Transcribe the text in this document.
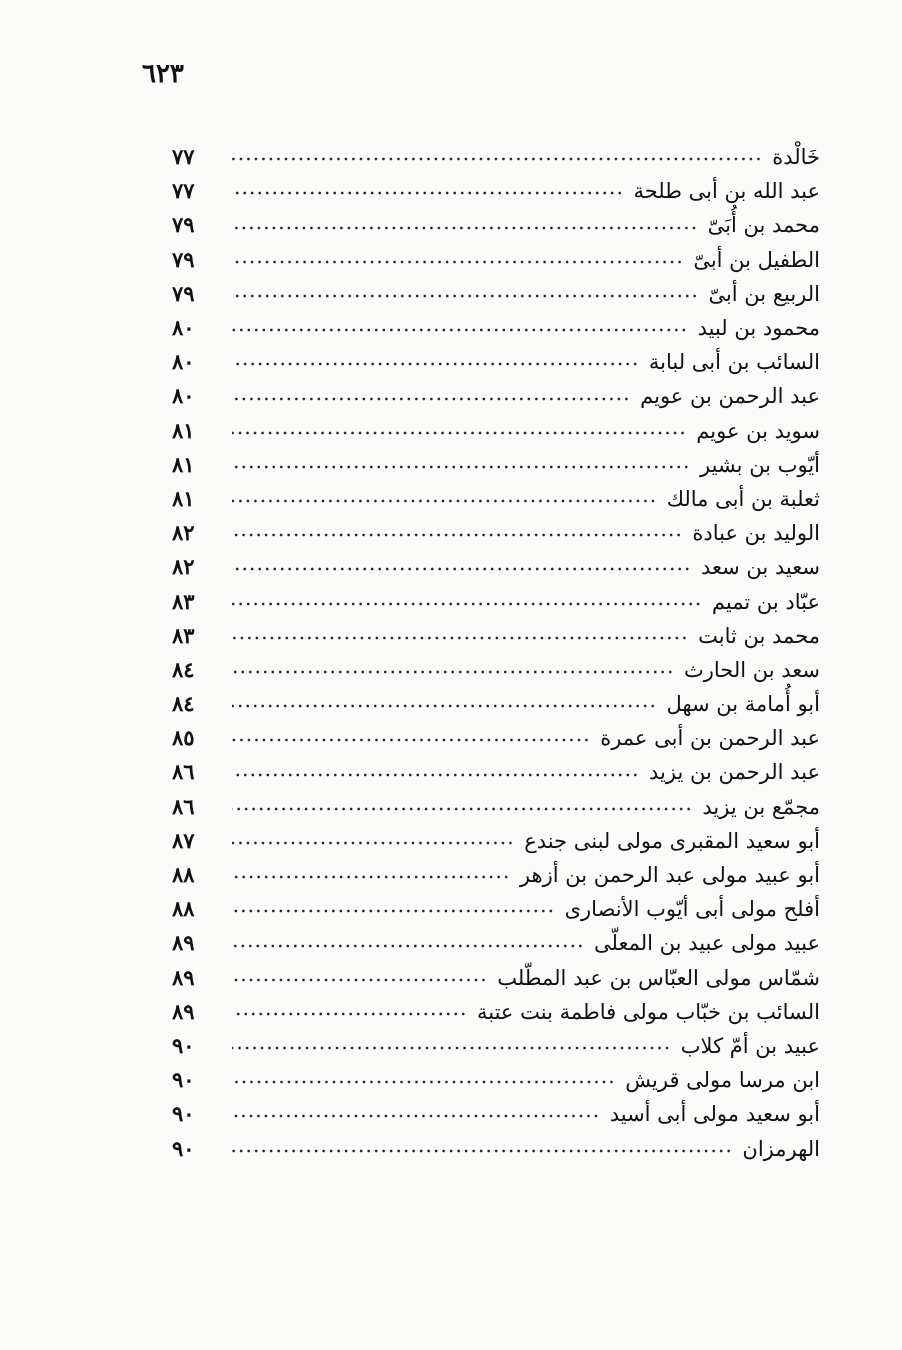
٦٢٣
خَالْدة
٧٧
عبد الله بن أبى طلحة
٧٧
محمد بن أُبَىّ
٧٩
الطفيل بن أبىّ
٧٩
الربيع بن أبىّ
٧٩
محمود بن لبيد
٨٠
السائب بن أبى لبابة
٨٠
عبد الرحمن بن عويم
٨٠
سويد بن عويم
٨١
أيّوب بن بشير
٨١
ثعلبة بن أبى مالك
٨١
الوليد بن عبادة
٨٢
سعيد بن سعد
٨٢
عبّاد بن تميم
٨٣
محمد بن ثابت
٨٣
سعد بن الحارث
٨٤
أبو أُمامة بن سهل
٨٤
عبد الرحمن بن أبى عمرة
٨٥
عبد الرحمن بن يزيد
٨٦
مجمّع بن يزيد
٨٦
أبو سعيد المقبرى مولى لبنى جندع
٨٧
أبو عبيد مولى عبد الرحمن بن أزهر
٨٨
أفلح مولى أبى أيّوب الأنصارى
٨٨
عبيد مولى عبيد بن المعلّى
٨٩
شمّاس مولى العبّاس بن عبد المطّلب
٨٩
السائب بن خبّاب مولى فاطمة بنت عتبة
٨٩
عبيد بن أمّ كلاب
٩٠
ابن مرسا مولى قريش
٩٠
أبو سعيد مولى أبى أسيد
٩٠
الهرمزان
٩٠
